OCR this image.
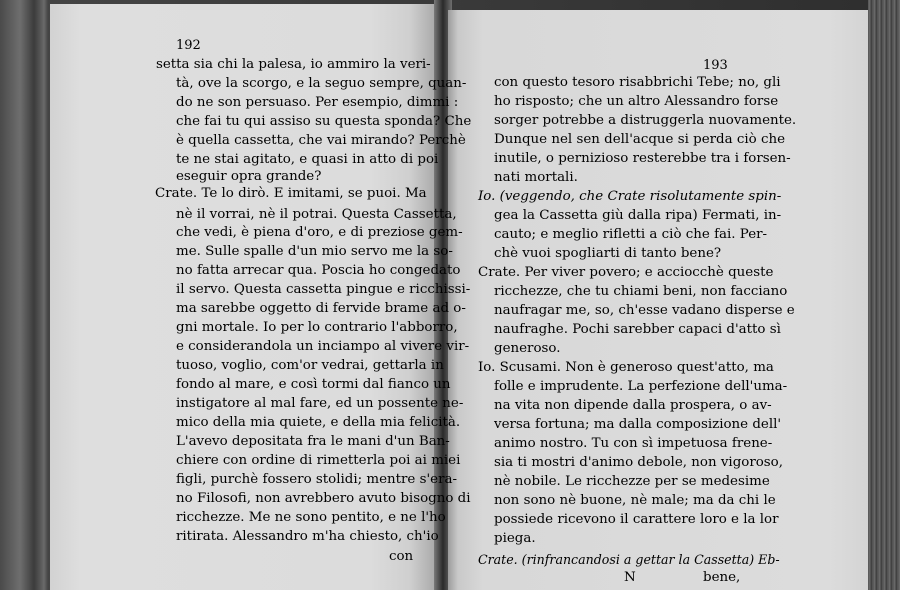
192
193
setta sia chi la palesa, io ammiro la veri-
tà, ove la scorgo, e la seguo sempre, quan-
do ne son persuaso. Per esempio, dimmi :
che fai tu qui assiso su questa sponda? Che
è quella cassetta, che vai mirando? Perchè
te ne stai agitato, e quasi in atto di poi
eseguir opra grande?
Crate. Te lo dirò. E imitami, se puoi. Ma
nè il vorrai, nè il potrai. Questa Cassetta,
che vedi, è piena d'oro, e di preziose gem-
me. Sulle spalle d'un mio servo me la so-
no fatta arrecar qua. Poscia ho congedato
il servo. Questa cassetta pingue e ricchissi-
ma sarebbe oggetto di fervide brame ad o-
gni mortale. Io per lo contrario l'abborro,
e considerandola un inciampo al vivere vir-
tuoso, voglio, com'or vedrai, gettarla in
fondo al mare, e così tormi dal fianco un
instigatore al mal fare, ed un possente ne-
mico della mia quiete, e della mia felicità.
L'avevo depositata fra le mani d'un Ban-
chiere con ordine di rimetterla poi ai miei
figli, purchè fossero stolidi; mentre s'era-
no Filosofi, non avrebbero avuto bisogno di
ricchezze. Me ne sono pentito, e ne l'ho
ritirata. Alessandro m'ha chiesto, ch'io
con
con questo tesoro risabbrichi Tebe; no, gli
ho risposto; che un altro Alessandro forse
sorger potrebbe a distruggerla nuovamente.
Dunque nel sen dell'acque si perda ciò che
inutile, o pernizioso resterebbe tra i forsen-
nati mortali.
Io. (veggendo, che Crate risolutamente spin-
gea la Cassetta giù dalla ripa) Fermati, in-
cauto; e meglio rifletti a ciò che fai. Per-
chè vuoi spogliarti di tanto bene?
Crate. Per viver povero; e acciocchè queste
ricchezze, che tu chiami beni, non facciano
naufragar me, so, ch'esse vadano disperse e
naufraghe. Pochi sarebber capaci d'atto sì
generoso.
Io. Scusami. Non è generoso quest'atto, ma
folle e imprudente. La perfezione dell'uma-
na vita non dipende dalla prospera, o av-
versa fortuna; ma dalla composizione dell'
animo nostro. Tu con sì impetuosa frene-
sia ti mostri d'animo debole, non vigoroso,
nè nobile. Le ricchezze per se medesime
non sono nè buone, nè male; ma da chi le
possiede ricevono il carattere loro e la lor
piega.
Crate. (rinfrancandosi a gettar la Cassetta) Eb-
N	bene,
